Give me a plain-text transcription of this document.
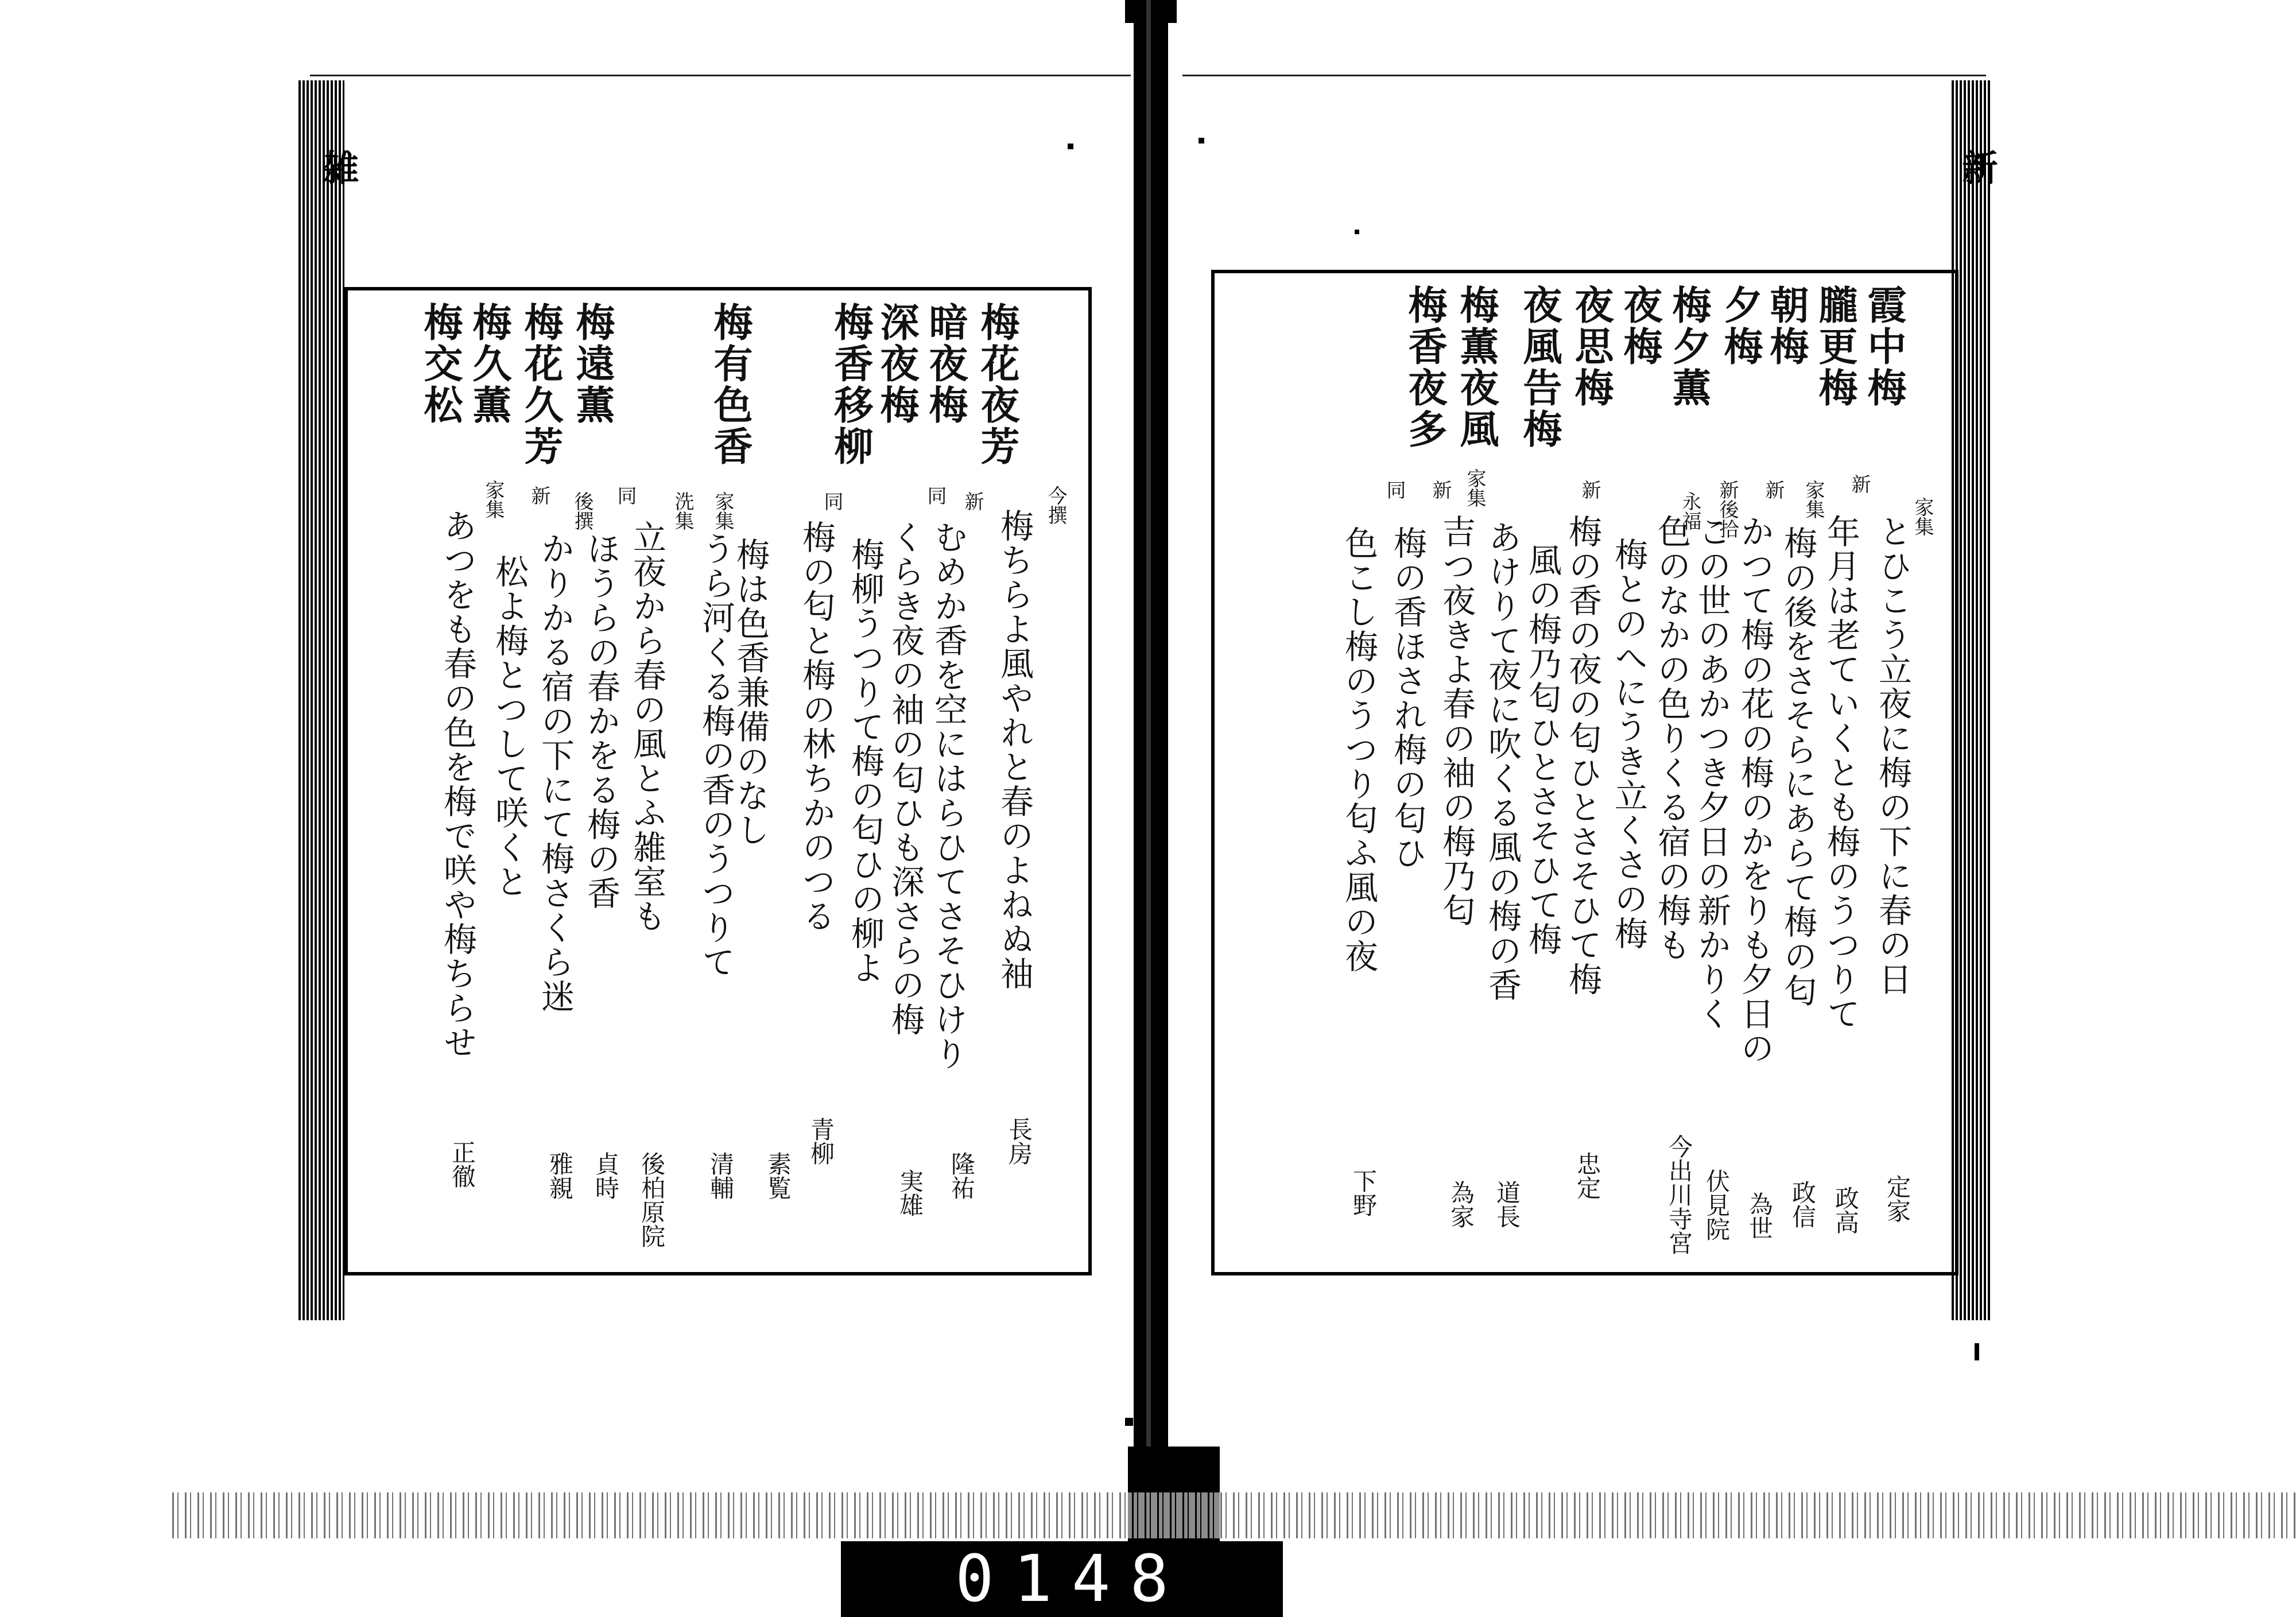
雑	新
梅花夜芳
暗夜梅
深夜梅
梅香移柳
梅有色香
梅遠薫
梅花久芳
梅久薫
梅交松
今撰
梅ちらよ風やれと春のよねぬ袖
長房
新
むめか香を空にはらひてさそひけり
隆祐
同
くらき夜の袖の匂ひも深さらの梅
実雄
梅柳うつりて梅の匂ひの柳よ
同
梅の匂と梅の林ちかのつる
青柳
家集
梅は色香兼備のなし
素覧
洗集
うら河くる梅の香のうつりて
清輔
同
立夜から春の風とふ雑室も
後柏原院
後撰
ほうらの春かをる梅の香
貞時
新
かりかる宿の下にて梅さくら迷
雅親
家集
松よ梅とつして咲くと
あつをも春の色を梅で咲や梅ちらせ
正徹
霞中梅
朧更梅
朝梅
夕梅
梅夕薫
夜梅
夜思梅
夜風告梅
梅薫夜風
梅香夜多
家集
とひこう立夜に梅の下に春の日
定家
新
年月は老ていくとも梅のうつりて
政高
家集
梅の後をさそらにあらて梅の匂
政信
新
かつて梅の花の梅のかをりも夕日の
為世
新後拾
この世のあかつき夕日の新かりく
伏見院
永福
色のなかの色りくる宿の梅も
今出川寺宮
梅とのへにうき立くさの梅
新
梅の香の夜の匂ひとさそひて梅
忠定
風の梅乃匂ひとさそひて梅
家集
あけりて夜に吹くる風の梅の香
道長
新
吉つ夜きよ春の袖の梅乃匂
為家
同
梅の香ほされ梅の匂ひ
色こし梅のうつり匂ふ風の夜
下野
0148
